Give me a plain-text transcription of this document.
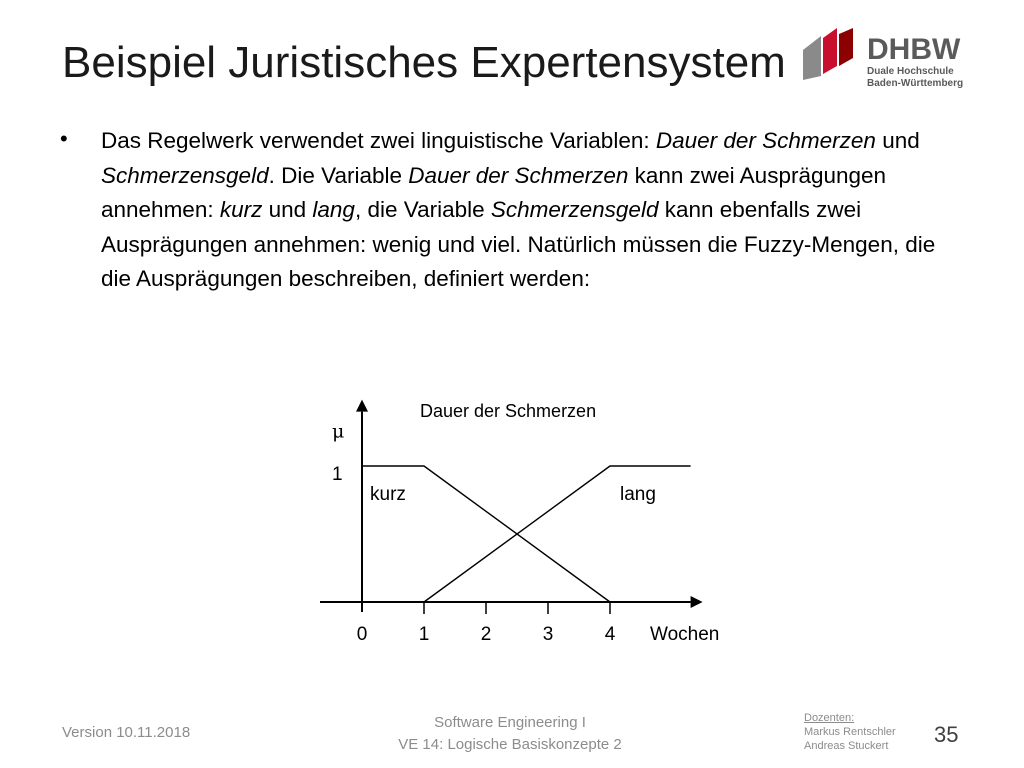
Beispiel Juristisches Expertensystem	DHBW
Duale Hochschule
Baden-Württemberg
• Das Regelwerk verwendet zwei linguistische Variablen: Dauer der Schmerzen und Schmerzensgeld. Die Variable Dauer der Schmerzen kann zwei Ausprägungen annehmen: kurz und lang, die Variable Schmerzensgeld kann ebenfalls zwei Ausprägungen annehmen: wenig und viel. Natürlich müssen die Fuzzy-Mengen, die die Ausprägungen beschreiben, definiert werden:
0	1	2	3	4
1
μ
Wochen
Dauer der Schmerzen
kurz	lang
Version 10.11.2018
Software Engineering I
VE 14: Logische Basiskonzepte 2
Dozenten:
Markus Rentschler
Andreas Stuckert	35
